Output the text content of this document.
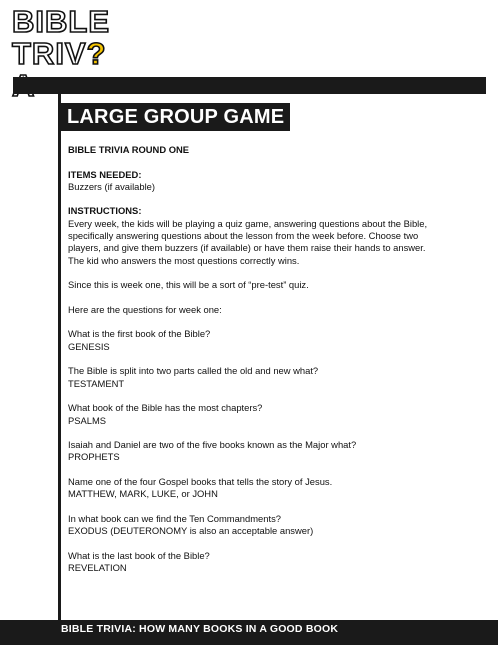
BIBLE
TRIV?
LARGE GROUP GAME

BIBLE TRIVIA ROUND ONE

ITEMS NEEDED:

Buzzers (if available)

INSTRUCTIONS:

Every week, the kids will be playing a quiz game, answering questions about the Bible,

specifically answering questions about the lesson from the week before. Choose two

players, and give them buzzers (if available) or have them raise their hands to answer.

The kid who answers the most questions correctly wins.

Since this is week one, this will be a sort of “pre-test” quiz.

Here are the questions for week one:

What is the first book of the Bible?

GENESIS

The Bible is split into two parts called the old and new what?

TESTAMENT

What book of the Bible has the most chapters?

PSALMS

Isaiah and Daniel are two of the five books known as the Major what?

PROPHETS

Name one of the four Gospel books that tells the story of Jesus.

MATTHEW, MARK, LUKE, or JOHN

In what book can we find the Ten Commandments?

EXODUS (DEUTERONOMY is also an acceptable answer)

What is the last book of the Bible?

REVELATION

BIBLE TRIVIA: HOW MANY BOOKS IN A GOOD BOOK
